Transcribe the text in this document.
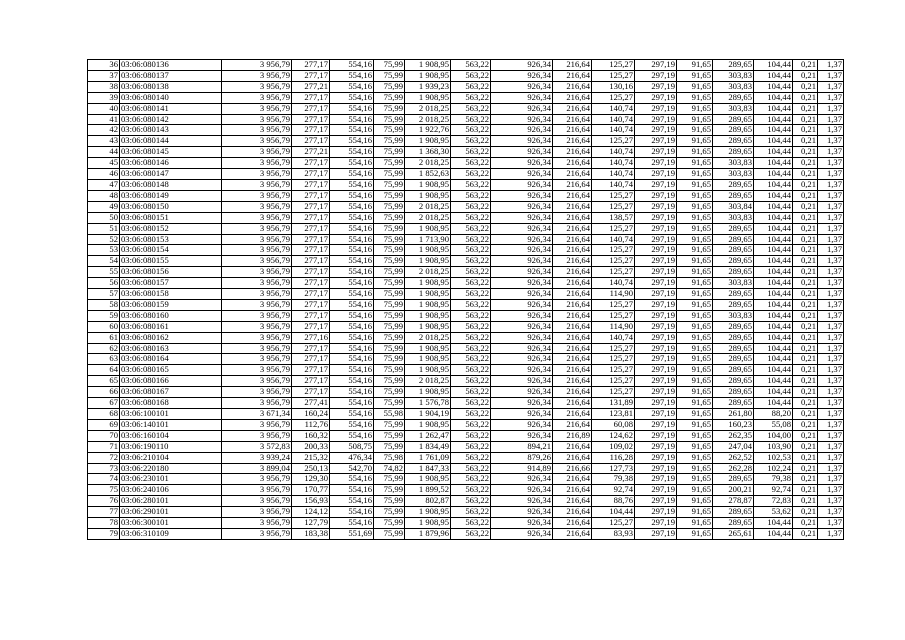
36	03:06:080136	3 956,79	277,17	554,16	75,99	1 908,95	563,22	926,34	216,64	125,27	297,19	91,65	289,65	104,44	0,21	1,37
37	03:06:080137	3 956,79	277,17	554,16	75,99	1 908,95	563,22	926,34	216,64	125,27	297,19	91,65	303,83	104,44	0,21	1,37
38	03:06:080138	3 956,79	277,21	554,16	75,99	1 939,23	563,22	926,34	216,64	130,16	297,19	91,65	303,83	104,44	0,21	1,37
39	03:06:080140	3 956,79	277,17	554,16	75,99	1 908,95	563,22	926,34	216,64	125,27	297,19	91,65	289,65	104,44	0,21	1,37
40	03:06:080141	3 956,79	277,17	554,16	75,99	2 018,25	563,22	926,34	216,64	140,74	297,19	91,65	303,83	104,44	0,21	1,37
41	03:06:080142	3 956,79	277,17	554,16	75,99	2 018,25	563,22	926,34	216,64	140,74	297,19	91,65	289,65	104,44	0,21	1,37
42	03:06:080143	3 956,79	277,17	554,16	75,99	1 922,76	563,22	926,34	216,64	140,74	297,19	91,65	289,65	104,44	0,21	1,37
43	03:06:080144	3 956,79	277,17	554,16	75,99	1 908,95	563,22	926,34	216,64	125,27	297,19	91,65	289,65	104,44	0,21	1,37
44	03:06:080145	3 956,79	277,21	554,16	75,99	1 368,30	563,22	926,34	216,64	140,74	297,19	91,65	289,65	104,44	0,21	1,37
45	03:06:080146	3 956,79	277,17	554,16	75,99	2 018,25	563,22	926,34	216,64	140,74	297,19	91,65	303,83	104,44	0,21	1,37
46	03:06:080147	3 956,79	277,17	554,16	75,99	1 852,63	563,22	926,34	216,64	140,74	297,19	91,65	303,83	104,44	0,21	1,37
47	03:06:080148	3 956,79	277,17	554,16	75,99	1 908,95	563,22	926,34	216,64	140,74	297,19	91,65	289,65	104,44	0,21	1,37
48	03:06:080149	3 956,79	277,17	554,16	75,99	1 908,95	563,22	926,34	216,64	125,27	297,19	91,65	289,65	104,44	0,21	1,37
49	03:06:080150	3 956,79	277,17	554,16	75,99	2 018,25	563,22	926,34	216,64	125,27	297,19	91,65	303,84	104,44	0,21	1,37
50	03:06:080151	3 956,79	277,17	554,16	75,99	2 018,25	563,22	926,34	216,64	138,57	297,19	91,65	303,83	104,44	0,21	1,37
51	03:06:080152	3 956,79	277,17	554,16	75,99	1 908,95	563,22	926,34	216,64	125,27	297,19	91,65	289,65	104,44	0,21	1,37
52	03:06:080153	3 956,79	277,17	554,16	75,99	1 713,90	563,22	926,34	216,64	140,74	297,19	91,65	289,65	104,44	0,21	1,37
53	03:06:080154	3 956,79	277,17	554,16	75,99	1 908,95	563,22	926,34	216,64	125,27	297,19	91,65	289,65	104,44	0,21	1,37
54	03:06:080155	3 956,79	277,17	554,16	75,99	1 908,95	563,22	926,34	216,64	125,27	297,19	91,65	289,65	104,44	0,21	1,37
55	03:06:080156	3 956,79	277,17	554,16	75,99	2 018,25	563,22	926,34	216,64	125,27	297,19	91,65	289,65	104,44	0,21	1,37
56	03:06:080157	3 956,79	277,17	554,16	75,99	1 908,95	563,22	926,34	216,64	140,74	297,19	91,65	303,83	104,44	0,21	1,37
57	03:06:080158	3 956,79	277,17	554,16	75,99	1 908,95	563,22	926,34	216,64	114,90	297,19	91,65	289,65	104,44	0,21	1,37
58	03:06:080159	3 956,79	277,17	554,16	75,99	1 908,95	563,22	926,34	216,64	125,27	297,19	91,65	289,65	104,44	0,21	1,37
59	03:06:080160	3 956,79	277,17	554,16	75,99	1 908,95	563,22	926,34	216,64	125,27	297,19	91,65	303,83	104,44	0,21	1,37
60	03:06:080161	3 956,79	277,17	554,16	75,99	1 908,95	563,22	926,34	216,64	114,90	297,19	91,65	289,65	104,44	0,21	1,37
61	03:06:080162	3 956,79	277,16	554,16	75,99	2 018,25	563,22	926,34	216,64	140,74	297,19	91,65	289,65	104,44	0,21	1,37
62	03:06:080163	3 956,79	277,17	554,16	75,99	1 908,95	563,22	926,34	216,64	125,27	297,19	91,65	289,65	104,44	0,21	1,37
63	03:06:080164	3 956,79	277,17	554,16	75,99	1 908,95	563,22	926,34	216,64	125,27	297,19	91,65	289,65	104,44	0,21	1,37
64	03:06:080165	3 956,79	277,17	554,16	75,99	1 908,95	563,22	926,34	216,64	125,27	297,19	91,65	289,65	104,44	0,21	1,37
65	03:06:080166	3 956,79	277,17	554,16	75,99	2 018,25	563,22	926,34	216,64	125,27	297,19	91,65	289,65	104,44	0,21	1,37
66	03:06:080167	3 956,79	277,17	554,16	75,99	1 908,95	563,22	926,34	216,64	125,27	297,19	91,65	289,65	104,44	0,21	1,37
67	03:06:080168	3 956,79	277,41	554,16	75,99	1 576,78	563,22	926,34	216,64	131,89	297,19	91,65	289,65	104,44	0,21	1,37
68	03:06:100101	3 671,34	160,24	554,16	55,98	1 904,19	563,22	926,34	216,64	123,81	297,19	91,65	261,80	88,20	0,21	1,37
69	03:06:140101	3 956,79	112,76	554,16	75,99	1 908,95	563,22	926,34	216,64	60,08	297,19	91,65	160,23	55,08	0,21	1,37
70	03:06:160104	3 956,79	160,32	554,16	75,99	1 262,47	563,22	926,34	216,89	124,62	297,19	91,65	262,35	104,00	0,21	1,37
71	03:06:190110	3 572,83	200,33	508,75	75,99	1 834,49	563,22	894,21	216,64	109,02	297,19	91,65	247,04	103,90	0,21	1,37
72	03:06:210104	3 939,24	215,32	476,34	75,98	1 761,09	563,22	879,26	216,64	116,28	297,19	91,65	262,52	102,53	0,21	1,37
73	03:06:220180	3 899,04	250,13	542,70	74,82	1 847,33	563,22	914,89	216,66	127,73	297,19	91,65	262,28	102,24	0,21	1,37
74	03:06:230101	3 956,79	129,30	554,16	75,99	1 908,95	563,22	926,34	216,64	79,38	297,19	91,65	289,65	79,38	0,21	1,37
75	03:06:240106	3 956,79	170,77	554,16	75,99	1 899,52	563,22	926,34	216,64	92,74	297,19	91,65	200,21	92,74	0,21	1,37
76	03:06:280101	3 956,79	156,93	554,16	75,99	802,87	563,22	926,34	216,64	88,76	297,19	91,65	278,87	72,83	0,21	1,37
77	03:06:290101	3 956,79	124,12	554,16	75,99	1 908,95	563,22	926,34	216,64	104,44	297,19	91,65	289,65	53,62	0,21	1,37
78	03:06:300101	3 956,79	127,79	554,16	75,99	1 908,95	563,22	926,34	216,64	125,27	297,19	91,65	289,65	104,44	0,21	1,37
79	03:06:310109	3 956,79	183,38	551,69	75,99	1 879,96	563,22	926,34	216,64	83,93	297,19	91,65	265,61	104,44	0,21	1,37
